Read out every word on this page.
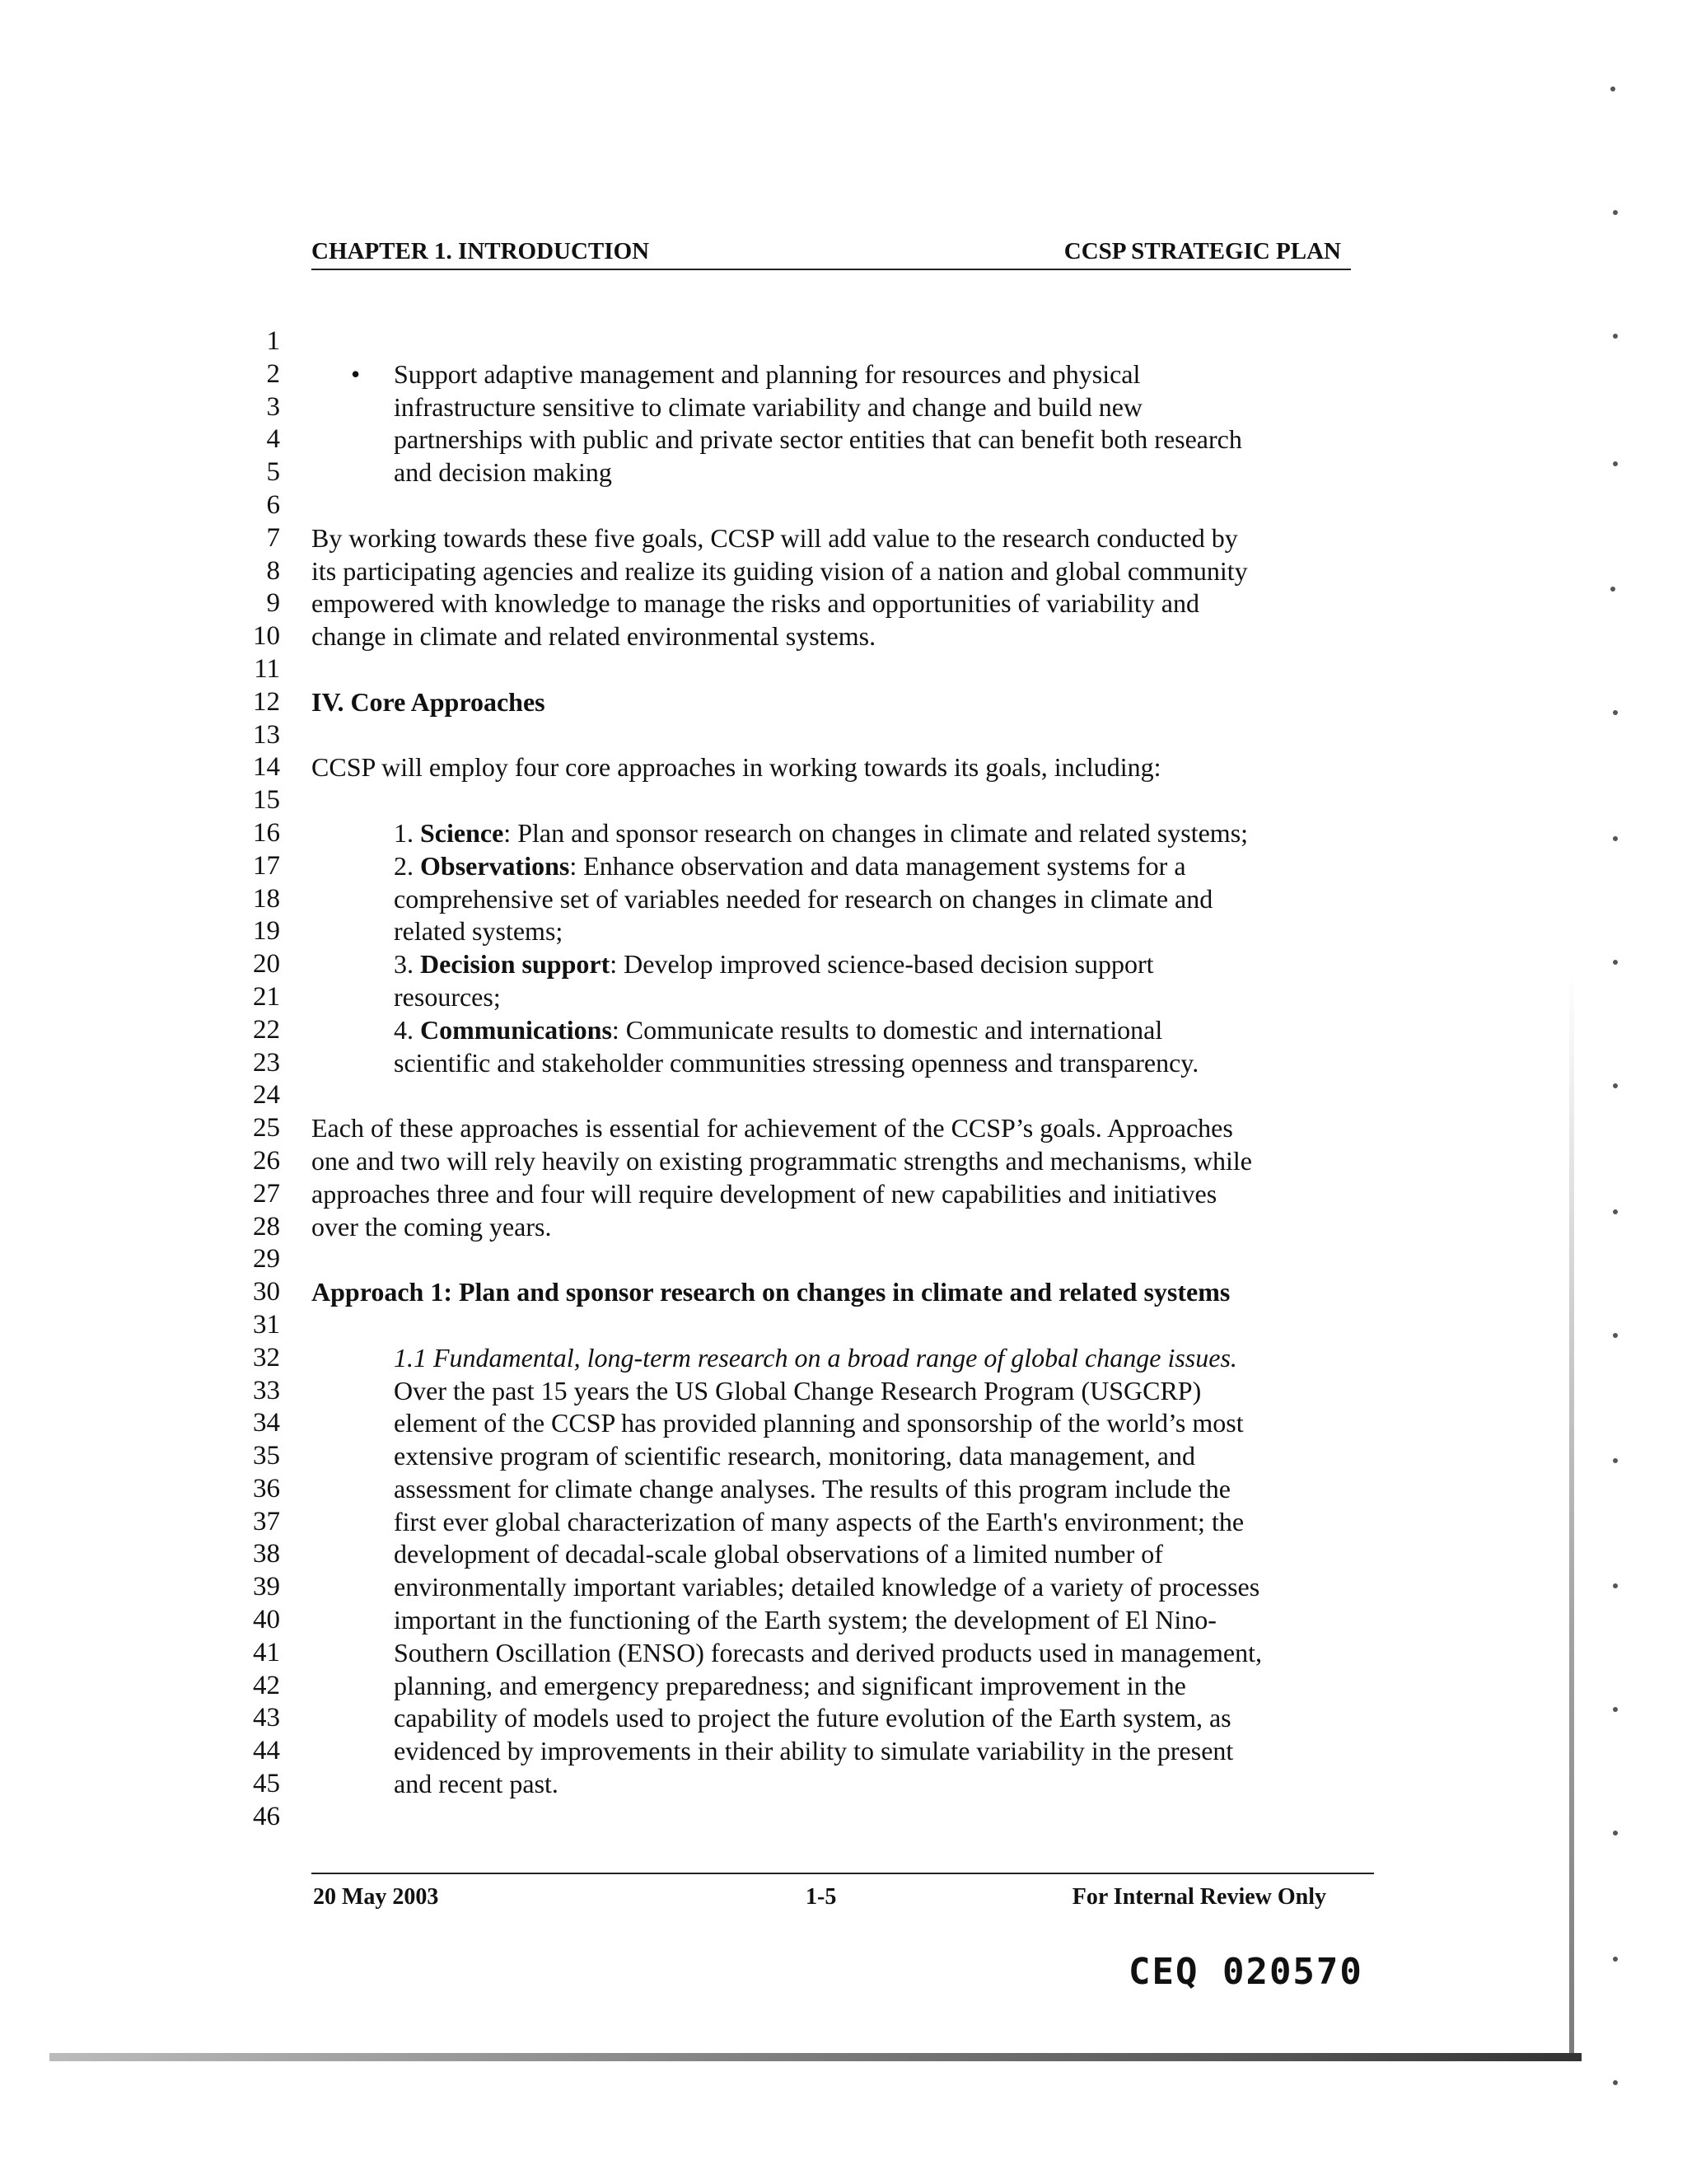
CHAPTER 1. INTRODUCTION	CCSP STRATEGIC PLAN
1
2
3
4
5
6
7
8
9
10
11
12
13
14
15
16
17
18
19
20
21
22
23
24
25
26
27
28
29
30
31
32
33
34
35
36
37
38
39
40
41
42
43
44
45
46
• Support adaptive management and planning for resources and physical
infrastructure sensitive to climate variability and change and build new
partnerships with public and private sector entities that can benefit both research
and decision making
By working towards these five goals, CCSP will add value to the research conducted by
its participating agencies and realize its guiding vision of a nation and global community
empowered with knowledge to manage the risks and opportunities of variability and
change in climate and related environmental systems.
IV. Core Approaches
CCSP will employ four core approaches in working towards its goals, including:
1. Science: Plan and sponsor research on changes in climate and related systems;
2. Observations: Enhance observation and data management systems for a
comprehensive set of variables needed for research on changes in climate and
related systems;
3. Decision support: Develop improved science-based decision support
resources;
4. Communications: Communicate results to domestic and international
scientific and stakeholder communities stressing openness and transparency.
Each of these approaches is essential for achievement of the CCSP’s goals. Approaches
one and two will rely heavily on existing programmatic strengths and mechanisms, while
approaches three and four will require development of new capabilities and initiatives
over the coming years.
Approach 1: Plan and sponsor research on changes in climate and related systems
1.1 Fundamental, long-term research on a broad range of global change issues.
Over the past 15 years the US Global Change Research Program (USGCRP)
element of the CCSP has provided planning and sponsorship of the world’s most
extensive program of scientific research, monitoring, data management, and
assessment for climate change analyses. The results of this program include the
first ever global characterization of many aspects of the Earth's environment; the
development of decadal-scale global observations of a limited number of
environmentally important variables; detailed knowledge of a variety of processes
important in the functioning of the Earth system; the development of El Nino-
Southern Oscillation (ENSO) forecasts and derived products used in management,
planning, and emergency preparedness; and significant improvement in the
capability of models used to project the future evolution of the Earth system, as
evidenced by improvements in their ability to simulate variability in the present
and recent past.
20 May 2003	1-5	For Internal Review Only
CEQ 020570
